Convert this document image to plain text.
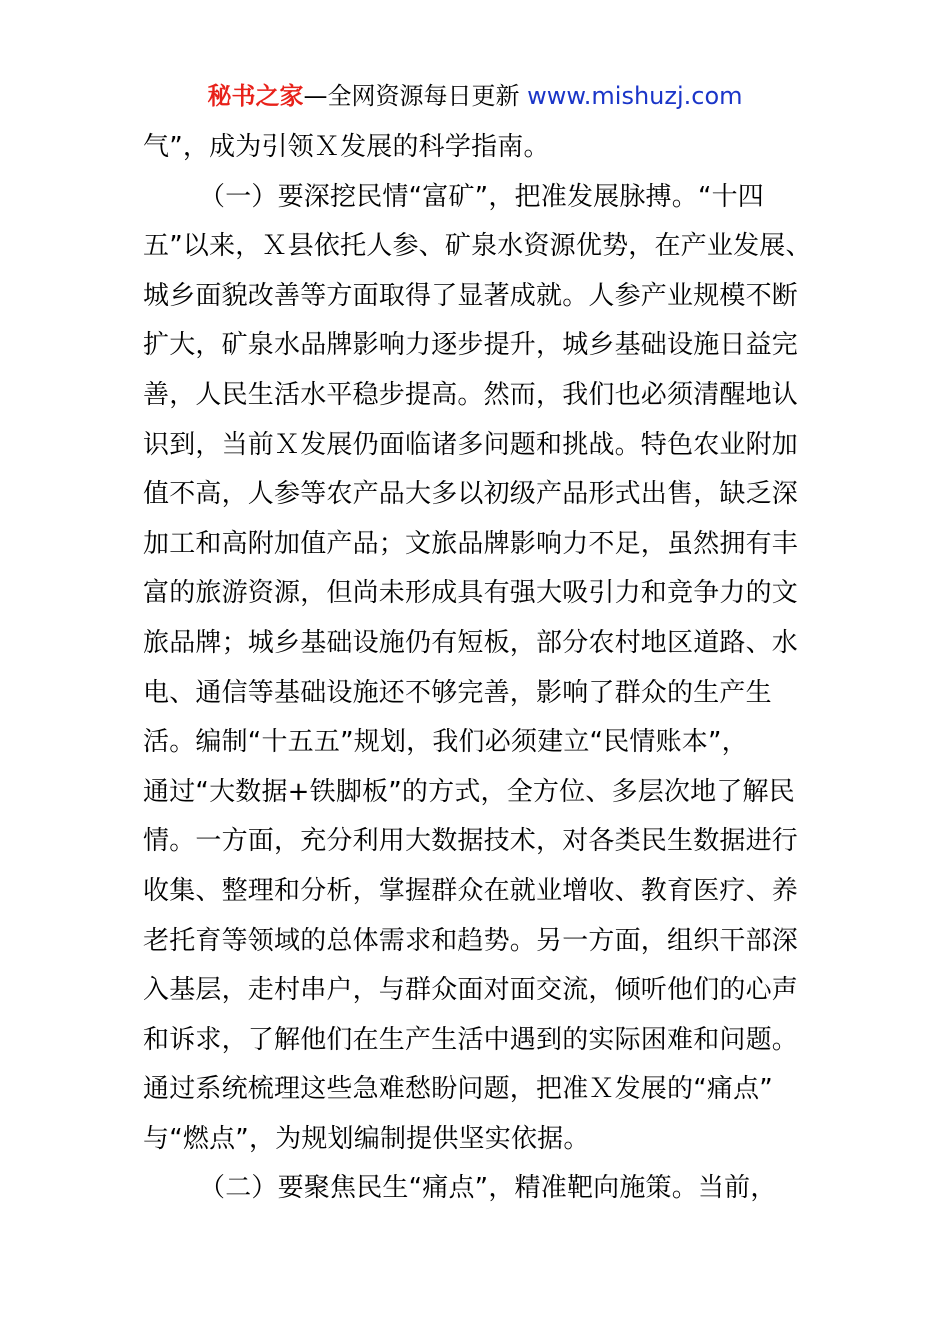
秘书之家—全网资源每日更新 www.mishuzj.com
气”，成为引领Ｘ发展的科学指南。
（一）要深挖民情“富矿”，把准发展脉搏。“十四
五”以来，Ｘ县依托人参、矿泉水资源优势，在产业发展、
城乡面貌改善等方面取得了显著成就。人参产业规模不断
扩大，矿泉水品牌影响力逐步提升，城乡基础设施日益完
善，人民生活水平稳步提高。然而，我们也必须清醒地认
识到，当前Ｘ发展仍面临诸多问题和挑战。特色农业附加
值不高，人参等农产品大多以初级产品形式出售，缺乏深
加工和高附加值产品；文旅品牌影响力不足，虽然拥有丰
富的旅游资源，但尚未形成具有强大吸引力和竞争力的文
旅品牌；城乡基础设施仍有短板，部分农村地区道路、水
电、通信等基础设施还不够完善，影响了群众的生产生
活。编制“十五五”规划，我们必须建立“民情账本”，
通过“大数据+铁脚板”的方式，全方位、多层次地了解民
情。一方面，充分利用大数据技术，对各类民生数据进行
收集、整理和分析，掌握群众在就业增收、教育医疗、养
老托育等领域的总体需求和趋势。另一方面，组织干部深
入基层，走村串户，与群众面对面交流，倾听他们的心声
和诉求，了解他们在生产生活中遇到的实际困难和问题。
通过系统梳理这些急难愁盼问题，把准Ｘ发展的“痛点”
与“燃点”，为规划编制提供坚实依据。
（二）要聚焦民生“痛点”，精准靶向施策。当前，
